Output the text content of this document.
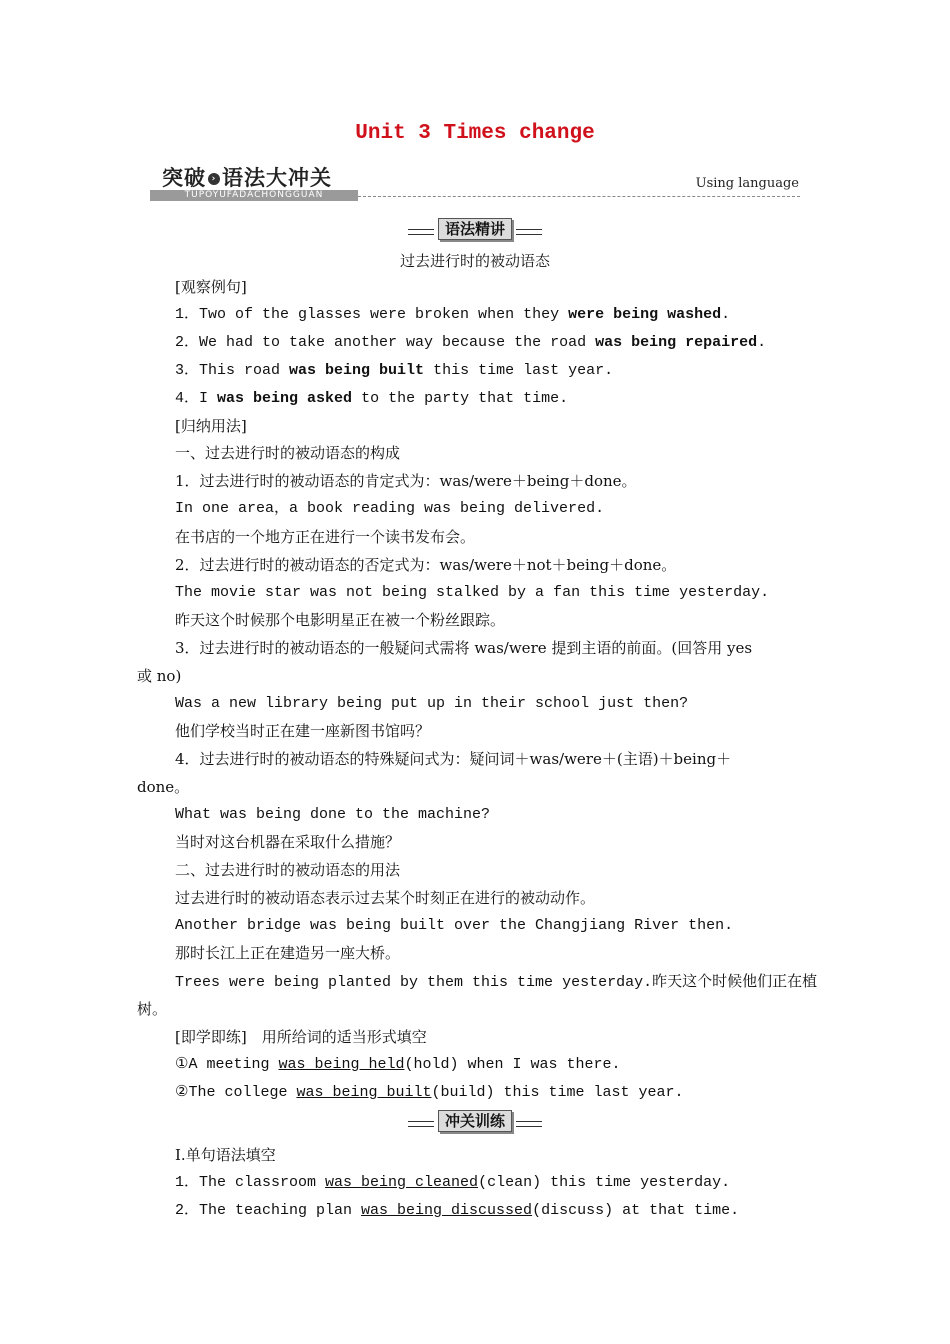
Unit 3 Times change
突破 › 语法大冲关
TUPOYUFADACHONGGUAN
Using language
语法精讲
过去进行时的被动语态
[观察例句]
1．Two of the glasses were broken when they were being washed.
2．We had to take another way because the road was being repaired.
3．This road was being built this time last year.
4．I was being asked to the party that time.
[归纳用法]
一、过去进行时的被动语态的构成
1．过去进行时的被动语态的肯定式为：was/were＋being＋done。
In one area，a book reading was being delivered.
在书店的一个地方正在进行一个读书发布会。
2．过去进行时的被动语态的否定式为：was/were＋not＋being＋done。
The movie star was not being stalked by a fan this time yesterday.
昨天这个时候那个电影明星正在被一个粉丝跟踪。
3．过去进行时的被动语态的一般疑问式需将 was/were 提到主语的前面。(回答用 yes
或 no)
Was a new library being put up in their school just then?
他们学校当时正在建一座新图书馆吗？
4．过去进行时的被动语态的特殊疑问式为：疑问词＋was/were＋(主语)＋being＋
done。
What was being done to the machine?
当时对这台机器在采取什么措施？
二、过去进行时的被动语态的用法
过去进行时的被动语态表示过去某个时刻正在进行的被动动作。
Another bridge was being built over the Changjiang River then.
那时长江上正在建造另一座大桥。
Trees were being planted by them this time yesterday.昨天这个时候他们正在植
树。
[即学即练]　用所给词的适当形式填空
①A meeting was being held(hold) when I was there.
②The college was being built(build) this time last year.
冲关训练
Ⅰ.单句语法填空
1．The classroom was being cleaned(clean) this time yesterday.
2．The teaching plan was being discussed(discuss) at that time.
